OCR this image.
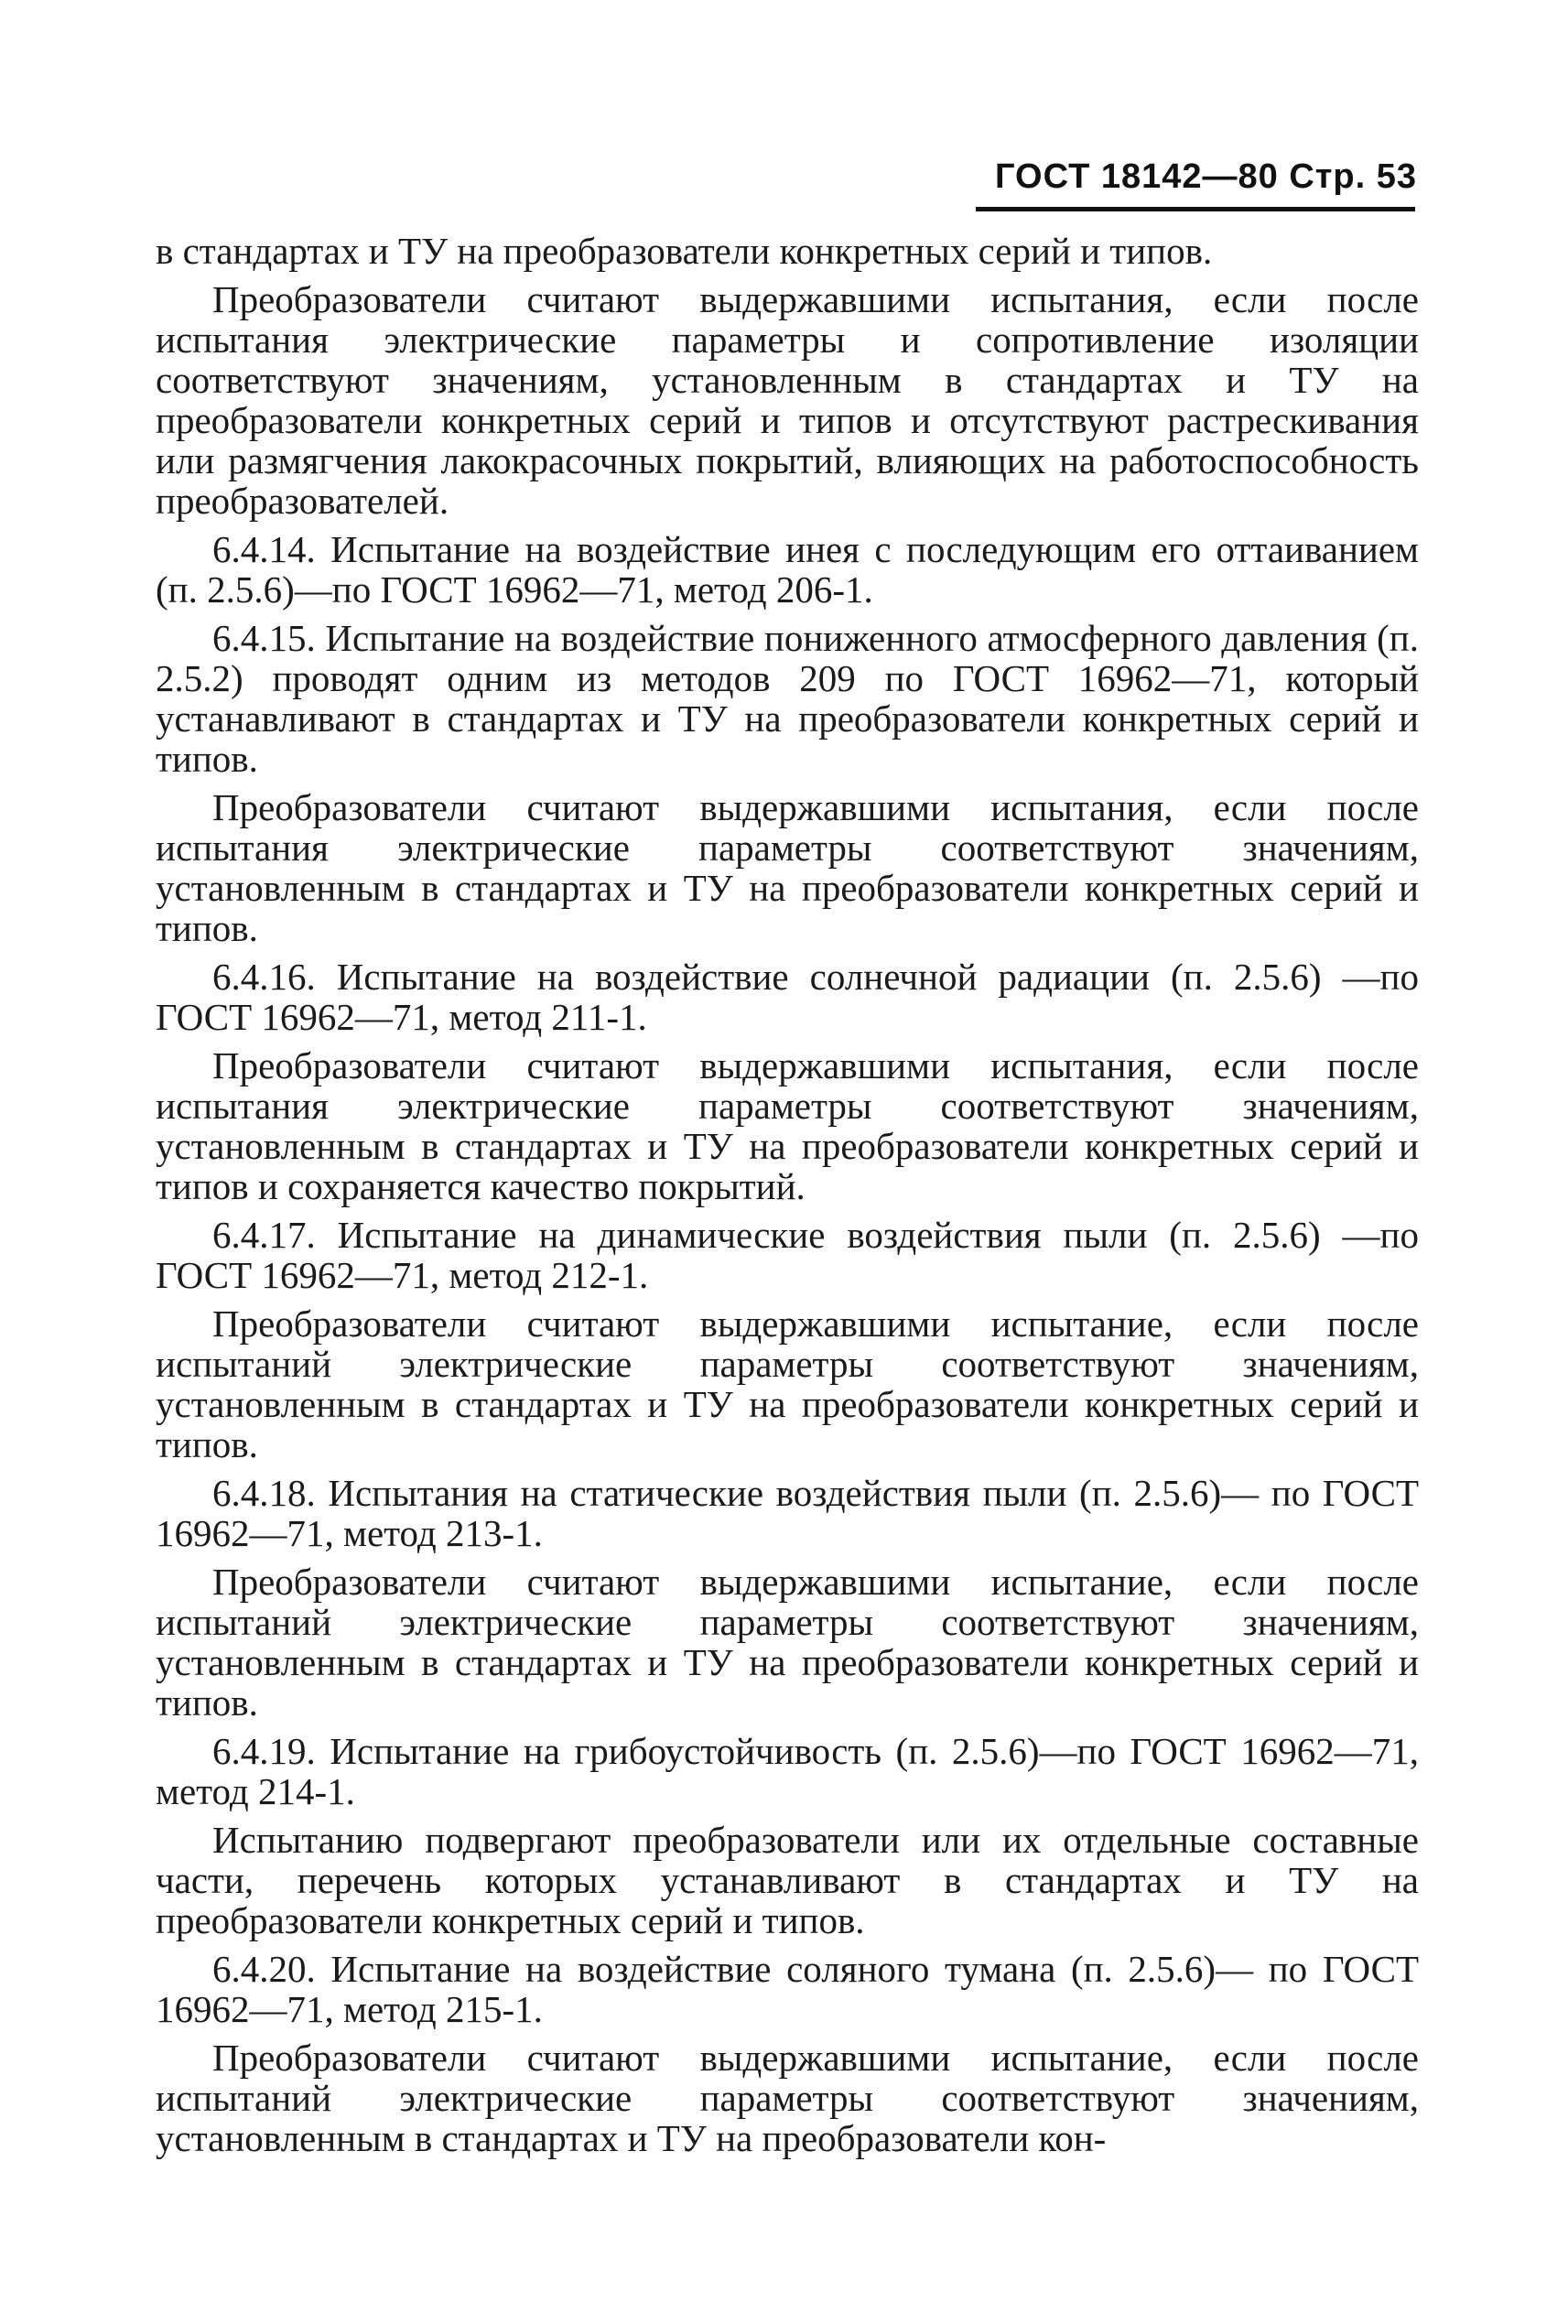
ГОСТ 18142—80 Стр. 53

в стандартах и ТУ на преобразователи конкретных серий и типов.

Преобразователи считают выдержавшими испытания, если после испытания электрические параметры и сопротивление изоляции соответствуют значениям, установленным в стандартах и ТУ на преобразователи конкретных серий и типов и отсутствуют растрескивания или размягчения лакокрасочных покрытий, влияющих на работоспособность преобразователей.

6.4.14. Испытание на воздействие инея с последующим его оттаиванием (п. 2.5.6)—по ГОСТ 16962—71, метод 206-1.

6.4.15. Испытание на воздействие пониженного атмосферного давления (п. 2.5.2) проводят одним из методов 209 по ГОСТ 16962—71, который устанавливают в стандартах и ТУ на преобразователи конкретных серий и типов.

Преобразователи считают выдержавшими испытания, если после испытания электрические параметры соответствуют значениям, установленным в стандартах и ТУ на преобразователи конкретных серий и типов.

6.4.16. Испытание на воздействие солнечной радиации (п. 2.5.6) —по ГОСТ 16962—71, метод 211-1.

Преобразователи считают выдержавшими испытания, если после испытания электрические параметры соответствуют значениям, установленным в стандартах и ТУ на преобразователи конкретных серий и типов и сохраняется качество покрытий.

6.4.17. Испытание на динамические воздействия пыли (п. 2.5.6) —по ГОСТ 16962—71, метод 212-1.

Преобразователи считают выдержавшими испытание, если после испытаний электрические параметры соответствуют значениям, установленным в стандартах и ТУ на преобразователи конкретных серий и типов.

6.4.18. Испытания на статические воздействия пыли (п. 2.5.6)— по ГОСТ 16962—71, метод 213-1.

Преобразователи считают выдержавшими испытание, если после испытаний электрические параметры соответствуют значениям, установленным в стандартах и ТУ на преобразователи конкретных серий и типов.

6.4.19. Испытание на грибоустойчивость (п. 2.5.6)—по ГОСТ 16962—71, метод 214-1.

Испытанию подвергают преобразователи или их отдельные составные части, перечень которых устанавливают в стандартах и ТУ на преобразователи конкретных серий и типов.

6.4.20. Испытание на воздействие соляного тумана (п. 2.5.6)— по ГОСТ 16962—71, метод 215-1.

Преобразователи считают выдержавшими испытание, если после испытаний электрические параметры соответствуют значениям, установленным в стандартах и ТУ на преобразователи кон-
